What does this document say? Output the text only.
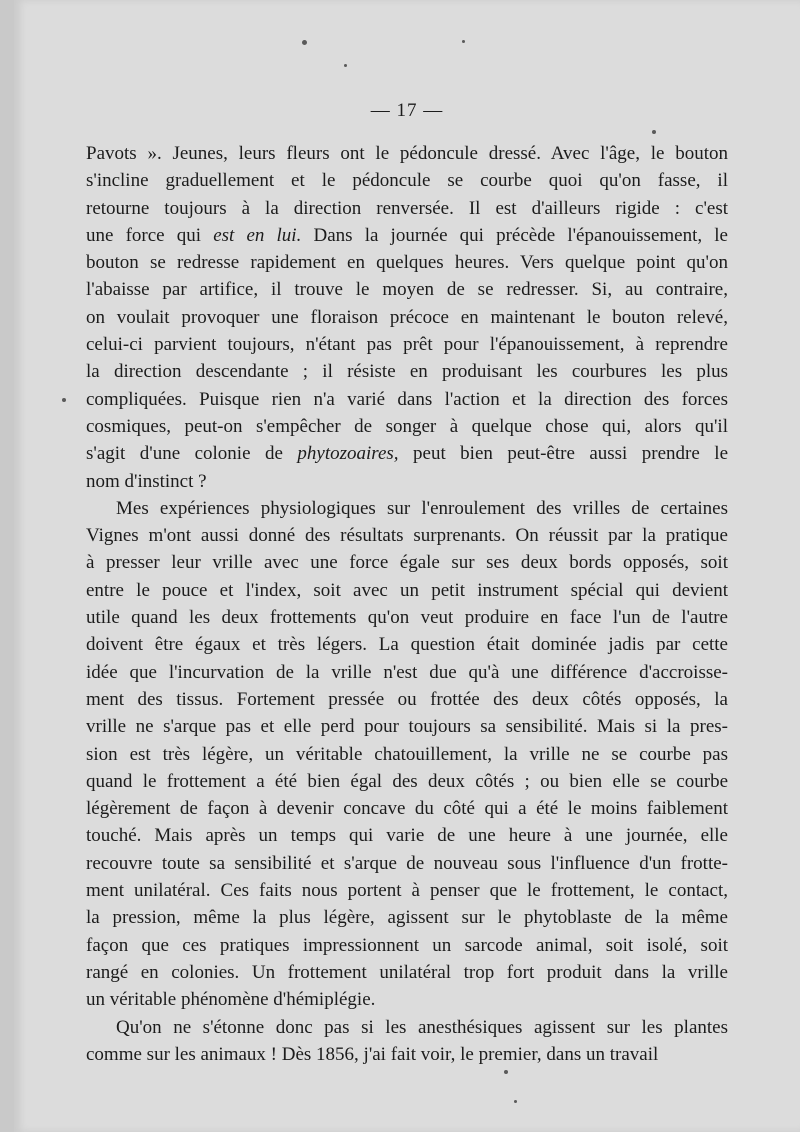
— 17 —
Pavots ». Jeunes, leurs fleurs ont le pédoncule dressé. Avec l'âge, le bouton
s'incline graduellement et le pédoncule se courbe quoi qu'on fasse, il
retourne toujours à la direction renversée. Il est d'ailleurs rigide : c'est
une force qui est en lui. Dans la journée qui précède l'épanouissement, le
bouton se redresse rapidement en quelques heures. Vers quelque point qu'on
l'abaisse par artifice, il trouve le moyen de se redresser. Si, au contraire,
on voulait provoquer une floraison précoce en maintenant le bouton relevé,
celui-ci parvient toujours, n'étant pas prêt pour l'épanouissement, à reprendre
la direction descendante ; il résiste en produisant les courbures les plus
compliquées. Puisque rien n'a varié dans l'action et la direction des forces
cosmiques, peut-on s'empêcher de songer à quelque chose qui, alors qu'il
s'agit d'une colonie de phytozoaires, peut bien peut-être aussi prendre le
nom d'instinct ?
Mes expériences physiologiques sur l'enroulement des vrilles de certaines
Vignes m'ont aussi donné des résultats surprenants. On réussit par la pratique
à presser leur vrille avec une force égale sur ses deux bords opposés, soit
entre le pouce et l'index, soit avec un petit instrument spécial qui devient
utile quand les deux frottements qu'on veut produire en face l'un de l'autre
doivent être égaux et très légers. La question était dominée jadis par cette
idée que l'incurvation de la vrille n'est due qu'à une différence d'accroisse-
ment des tissus. Fortement pressée ou frottée des deux côtés opposés, la
vrille ne s'arque pas et elle perd pour toujours sa sensibilité. Mais si la pres-
sion est très légère, un véritable chatouillement, la vrille ne se courbe pas
quand le frottement a été bien égal des deux côtés ; ou bien elle se courbe
légèrement de façon à devenir concave du côté qui a été le moins faiblement
touché. Mais après un temps qui varie de une heure à une journée, elle
recouvre toute sa sensibilité et s'arque de nouveau sous l'influence d'un frotte-
ment unilatéral. Ces faits nous portent à penser que le frottement, le contact,
la pression, même la plus légère, agissent sur le phytoblaste de la même
façon que ces pratiques impressionnent un sarcode animal, soit isolé, soit
rangé en colonies. Un frottement unilatéral trop fort produit dans la vrille
un véritable phénomène d'hémiplégie.
Qu'on ne s'étonne donc pas si les anesthésiques agissent sur les plantes
comme sur les animaux ! Dès 1856, j'ai fait voir, le premier, dans un travail
